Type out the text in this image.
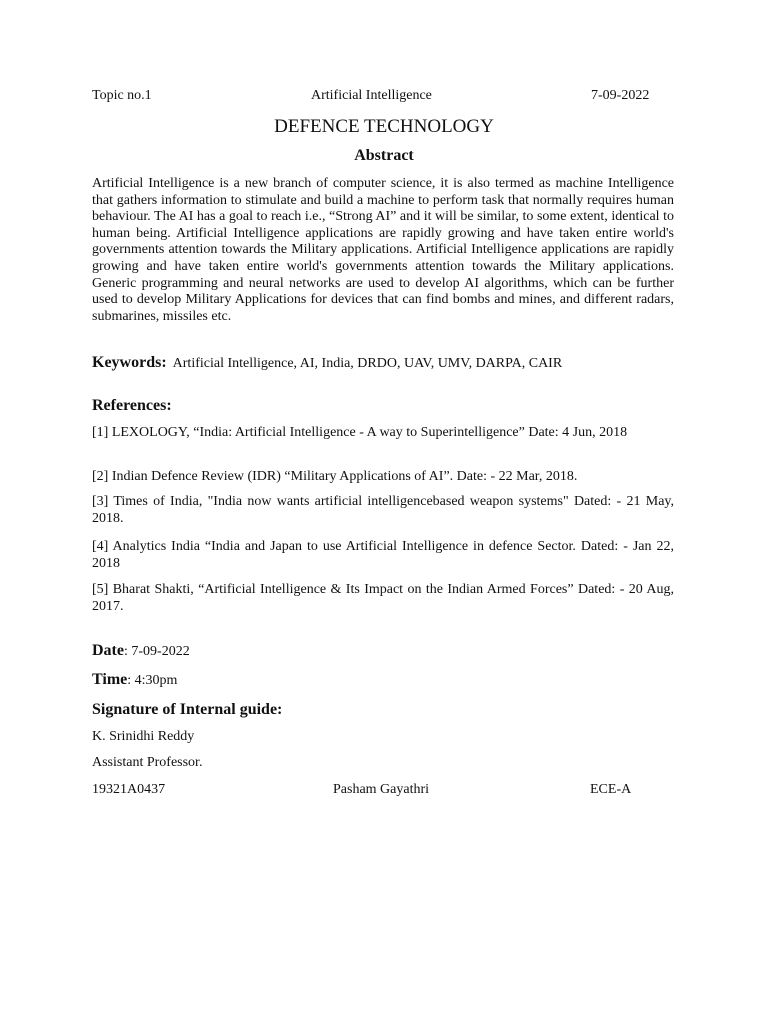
Topic no.1	Artificial Intelligence	7-09-2022
DEFENCE TECHNOLOGY
Abstract
Artificial Intelligence is a new branch of computer science, it is also termed as machine Intelligence that gathers information to stimulate and build a machine to perform task that normally requires human behaviour. The AI has a goal to reach i.e., “Strong AI” and it will be similar, to some extent, identical to human being. Artificial Intelligence applications are rapidly growing and have taken entire world's governments attention towards the Military applications. Artificial Intelligence applications are rapidly growing and have taken entire world's governments attention towards the Military applications. Generic programming and neural networks are used to develop AI algorithms, which can be further used to develop Military Applications for devices that can find bombs and mines, and different radars, submarines, missiles etc.
Keywords: Artificial Intelligence, AI, India, DRDO, UAV, UMV, DARPA, CAIR
References:
[1] LEXOLOGY, “India: Artificial Intelligence - A way to Superintelligence” Date: 4 Jun, 2018
[2] Indian Defence Review (IDR) “Military Applications of AI”. Date: - 22 Mar, 2018.
[3] Times of India, "India now wants artificial intelligencebased weapon systems" Dated: - 21 May, 2018.
[4] Analytics India “India and Japan to use Artificial Intelligence in defence Sector. Dated: - Jan 22, 2018
[5] Bharat Shakti, “Artificial Intelligence & Its Impact on the Indian Armed Forces” Dated: - 20 Aug, 2017.
Date: 7-09-2022
Time: 4:30pm
Signature of Internal guide:
K. Srinidhi Reddy
Assistant Professor.
19321A0437	Pasham Gayathri	ECE-A
